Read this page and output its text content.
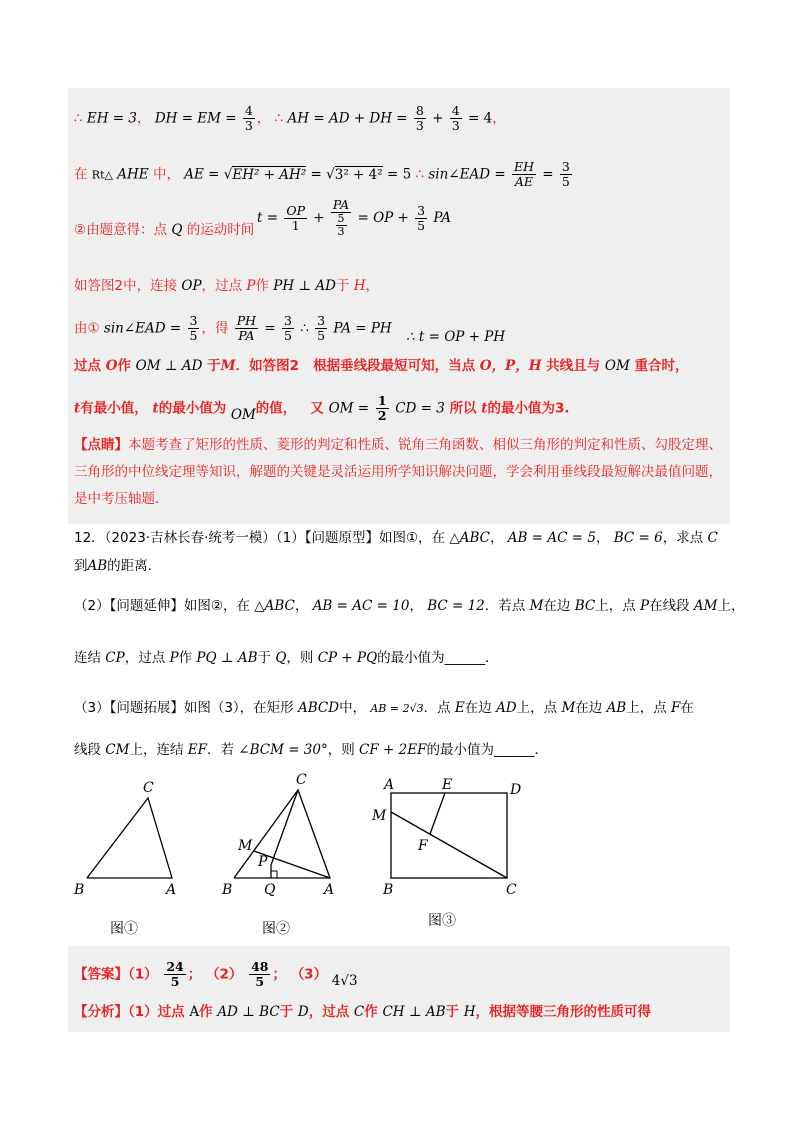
∴ EH = 3， DH = EM = $\frac{4}{3}$ ， ∴ AH = AD + DH = $\frac{8}{3} + \frac{4}{3} = 4$，
在 Rt△ AHE 中， AE = √EH² + AH² = √3² + 4² = 5 ∴ sin∠EAD = $\frac{EH}{AE} = \frac{3}{5}$
②由题意得：点 Q 的运动时间
$t = \frac{OP}{1} + \frac{PA}{\frac{5}{3}}$ = OP + $\frac{3}{5}$ PA
如答图2中，连接 OP，过点 P作 PH ⊥ AD于 H，
由① sin∠EAD = $\frac{3}{5}$ ，得 $\frac{PH}{PA} = \frac{3}{5}$ ∴ $\frac{3}{5}$ PA = PH ∴ t = OP + PH
过点 O作 OM ⊥ AD 于M．如答图2 根据垂线段最短可知，当点 O，P，H 共线且与 OM 重合时，
t有最小值， t的最小值为 OM的值， 又 OM = $\frac{1}{2}$ CD = 3 所以 t的最小值为3.
【点睛】本题考查了矩形的性质、菱形的判定和性质、锐角三角函数、相似三角形的判定和性质、勾股定理、三角形的中位线定理等知识，解题的关键是灵活运用所学知识解决问题，学会利用垂线段最短解决最值问题，是中考压轴题．
12．（2023·吉林长春·统考一模）（1）【问题原型】如图①，在 △ABC， AB = AC = 5， BC = 6，求点 C
到AB的距离．
（2）【问题延伸】如图②，在 △ABC， AB = AC = 10， BC = 12．若点 M在边 BC上，点 P在线段 AM上，
连结 CP，过点 P作 PQ ⊥ AB于 Q，则 CP + PQ的最小值为______．
（3）【问题拓展】如图（3），在矩形 ABCD中， AB = 2√3．点 E在边 AD上，点 M在边 AB上，点 F在
线段 CM上，连结 EF．若 ∠BCM = 30°，则 CF + 2EF的最小值为______．
C
B	A
C
M
P
B Q	A
A	E	D
M
F
B	C
图①	图②	图③
【答案】$(1) \frac{24}{5}$ ； $(2) \frac{48}{5}$ ； （3） 4√3
【分析】（1）过点 A作 AD ⊥ BC于 D，过点 C作 CH ⊥ AB于 H，根据等腰三角形的性质可得
